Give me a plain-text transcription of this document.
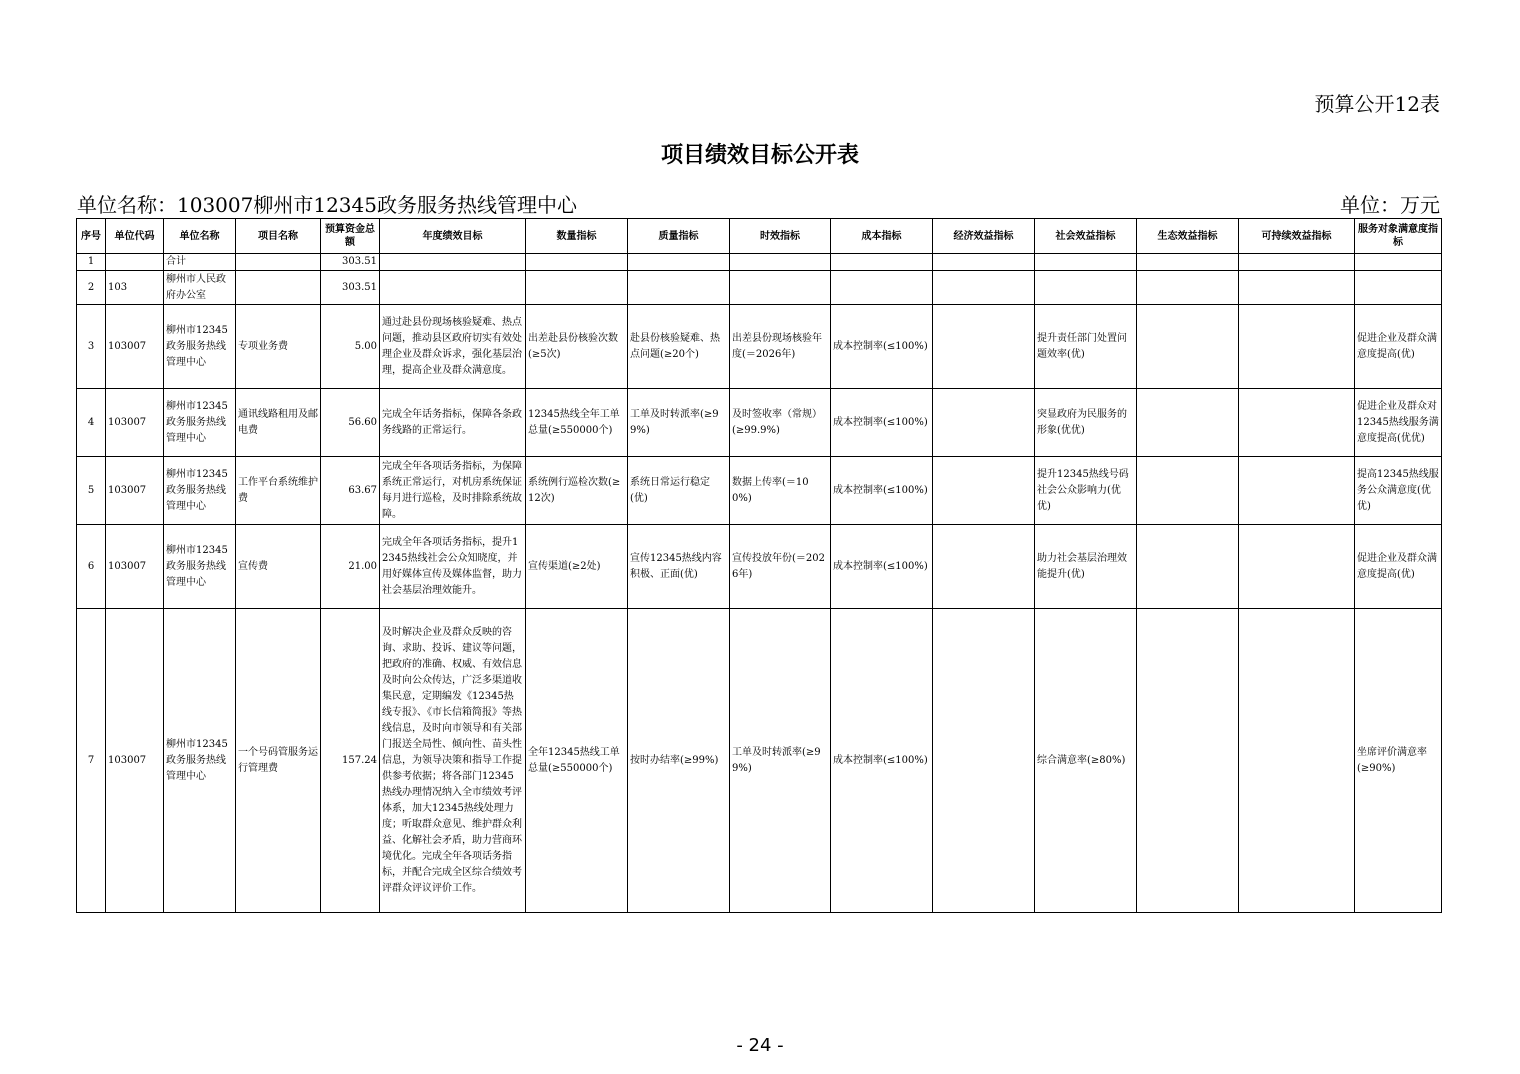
预算公开12表
项目绩效目标公开表
单位名称：103007柳州市12345政务服务热线管理中心	单位：万元
序号	单位代码	单位名称	项目名称	预算资金总额	年度绩效目标	数量指标	质量指标	时效指标	成本指标	经济效益指标	社会效益指标	生态效益指标	可持续效益指标	服务对象满意度指标
1		合计		303.51										
2	103	柳州市人民政府办公室		303.51										
3	103007	柳州市12345政务服务热线管理中心	专项业务费	5.00	通过赴县份现场核验疑难、热点问题，推动县区政府切实有效处理企业及群众诉求，强化基层治理，提高企业及群众满意度。	出差赴县份核验次数(≥5次)	赴县份核验疑难、热点问题(≥20个)	出差县份现场核验年度(＝2026年)	成本控制率(≤100%)		提升责任部门处置问题效率(优)			促进企业及群众满意度提高(优)
4	103007	柳州市12345政务服务热线管理中心	通讯线路租用及邮电费	56.60	完成全年话务指标，保障各条政务线路的正常运行。	12345热线全年工单总量(≥550000个)	工单及时转派率(≥99%)	及时签收率（常规）(≥99.9%)	成本控制率(≤100%)		突显政府为民服务的形象(优优)			促进企业及群众对12345热线服务满意度提高(优优)
5	103007	柳州市12345政务服务热线管理中心	工作平台系统维护费	63.67	完成全年各项话务指标，为保障系统正常运行，对机房系统保证每月进行巡检，及时排除系统故障。	系统例行巡检次数(≥12次)	系统日常运行稳定(优)	数据上传率(＝100%)	成本控制率(≤100%)		提升12345热线号码社会公众影响力(优优)			提高12345热线服务公众满意度(优优)
6	103007	柳州市12345政务服务热线管理中心	宣传费	21.00	完成全年各项话务指标，提升12345热线社会公众知晓度，并用好媒体宣传及媒体监督，助力社会基层治理效能升。	宣传渠道(≥2处)	宣传12345热线内容积极、正面(优)	宣传投放年份(＝2026年)	成本控制率(≤100%)		助力社会基层治理效能提升(优)			促进企业及群众满意度提高(优)
7	103007	柳州市12345政务服务热线管理中心	一个号码管服务运行管理费	157.24	及时解决企业及群众反映的咨询、求助、投诉、建议等问题，把政府的准确、权威、有效信息及时向公众传达，广泛多渠道收集民意，定期编发《12345热线专报》、《市长信箱简报》等热线信息，及时向市领导和有关部门报送全局性、倾向性、苗头性信息，为领导决策和指导工作提供参考依据；将各部门12345热线办理情况纳入全市绩效考评体系，加大12345热线处理力度；听取群众意见、维护群众利益、化解社会矛盾，助力营商环境优化。完成全年各项话务指标，并配合完成全区综合绩效考评群众评议评价工作。	全年12345热线工单总量(≥550000个)	按时办结率(≥99%)	工单及时转派率(≥99%)	成本控制率(≤100%)		综合满意率(≥80%)			坐席评价满意率(≥90%)
- 24 -
